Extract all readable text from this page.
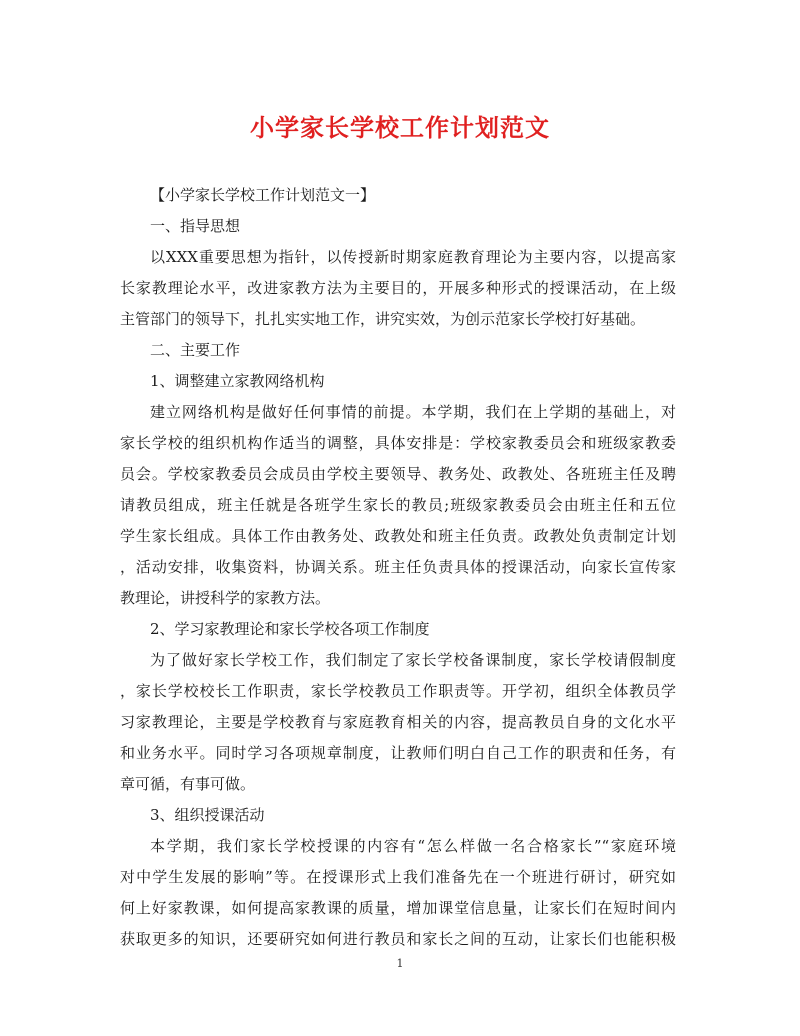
小学家长学校工作计划范文

【小学家长学校工作计划范文一】

一、指导思想

以XXX重要思想为指针，以传授新时期家庭教育理论为主要内容，以提高家

长家教理论水平，改进家教方法为主要目的，开展多种形式的授课活动，在上级

主管部门的领导下，扎扎实实地工作，讲究实效，为创示范家长学校打好基础。

二、主要工作

1、调整建立家教网络机构

建立网络机构是做好任何事情的前提。本学期，我们在上学期的基础上，对

家长学校的组织机构作适当的调整，具体安排是：学校家教委员会和班级家教委

员会。学校家教委员会成员由学校主要领导、教务处、政教处、各班班主任及聘

请教员组成，班主任就是各班学生家长的教员;班级家教委员会由班主任和五位

学生家长组成。具体工作由教务处、政教处和班主任负责。政教处负责制定计划

，活动安排，收集资料，协调关系。班主任负责具体的授课活动，向家长宣传家

教理论，讲授科学的家教方法。

2、学习家教理论和家长学校各项工作制度

为了做好家长学校工作，我们制定了家长学校备课制度，家长学校请假制度

，家长学校校长工作职责，家长学校教员工作职责等。开学初，组织全体教员学

习家教理论，主要是学校教育与家庭教育相关的内容，提高教员自身的文化水平

和业务水平。同时学习各项规章制度，让教师们明白自己工作的职责和任务，有

章可循，有事可做。

3、组织授课活动

本学期，我们家长学校授课的内容有“怎么样做一名合格家长”“家庭环境

对中学生发展的影响”等。在授课形式上我们准备先在一个班进行研讨，研究如

何上好家教课，如何提高家教课的质量，增加课堂信息量，让家长们在短时间内

获取更多的知识，还要研究如何进行教员和家长之间的互动，让家长们也能积极

1
